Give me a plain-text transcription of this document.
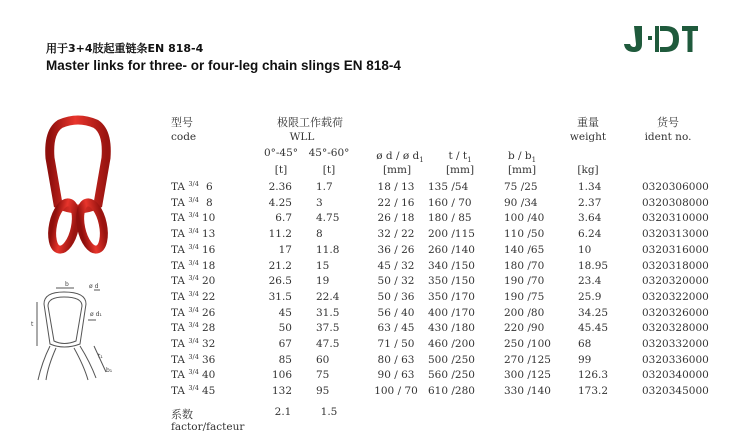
用于3+4肢起重链条EN 818-4
Master links for three- or four-leg chain slings EN 818-4
b	ø d
t
ø d₁
t₁
b₁
型号	极限工作载荷	重量	货号
code	WLL	weight	ident no.
0°-45° 45°-60°	ø d / ø $d_1$ t / $t_1$	b / $b_1$
[t]	[t]	[mm]	[mm]	[mm]	[kg]
TA 3/4 6	2.36 1.7	18 / 13 135 /54	75 /25	1.34	0320306000
TA 3/4 8	4.25 3	22 / 16 160 / 70	90 /34	2.37	0320308000
TA 3/4 10	6.7 4.75	26 / 18 180 / 85	100 /40	3.64	0320310000
TA 3/4 13	11.2 8	32 / 22 200 /115	110 /50	6.24	0320313000
TA 3/4 16	17 11.8	36 / 26 260 /140	140 /65	10	0320316000
TA 3/4 18	21.2 15	45 / 32 340 /150	180 /70	18.95	0320318000
TA 3/4 20	26.5 19	50 / 32 350 /150	190 /70	23.4	0320320000
TA 3/4 22	31.5 22.4	50 / 36 350 /170	190 /75	25.9	0320322000
TA 3/4 26	45 31.5	56 / 40 400 /170	200 /80	34.25	0320326000
TA 3/4 28	50 37.5	63 / 45 430 /180	220 /90	45.45	0320328000
TA 3/4 32	67 47.5	71 / 50 460 /200	250 /100	68	0320332000
TA 3/4 36	85 60	80 / 63 500 /250	270 /125	99	0320336000
TA 3/4 40	106 75	90 / 63 560 /250	300 /125	126.3	0320340000
TA 3/4 45	132 95	100 / 70 610 /280	330 /140	173.2	0320345000
系数	2.1	1.5
factor/facteur
